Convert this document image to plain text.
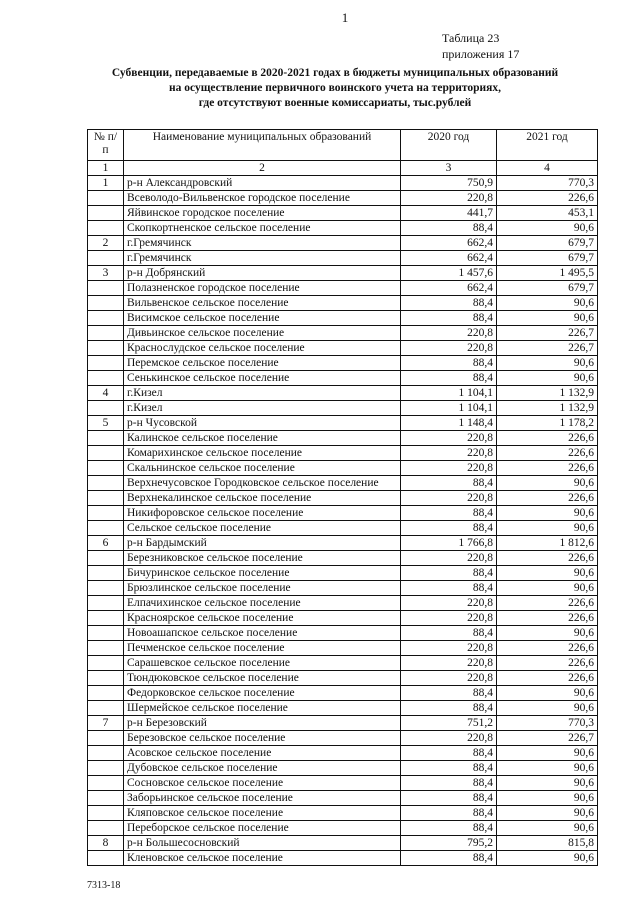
1
Таблица 23
приложения 17
Субвенции, передаваемые в 2020-2021 годах в бюджеты муниципальных образований
на осуществление первичного воинского учета на территориях,
где отсутствуют военные комиссариаты, тыс.рублей
№ п/п	Наименование муниципальных образований	2020 год	2021 год
1	2	3	4
1	р-н Александровский	750,9	770,3
	Всеволодо-Вильвенское городское поселение	220,8	226,6
	Яйвинское городское поселение	441,7	453,1
	Скопкортненское сельское поселение	88,4	90,6
2	г.Гремячинск	662,4	679,7
	г.Гремячинск	662,4	679,7
3	р-н Добрянский	1 457,6	1 495,5
	Полазненское городское поселение	662,4	679,7
	Вильвенское сельское поселение	88,4	90,6
	Висимское сельское поселение	88,4	90,6
	Дивьинское сельское поселение	220,8	226,7
	Краснослудское сельское поселение	220,8	226,7
	Перемское сельское поселение	88,4	90,6
	Сенькинское сельское поселение	88,4	90,6
4	г.Кизел	1 104,1	1 132,9
	г.Кизел	1 104,1	1 132,9
5	р-н Чусовской	1 148,4	1 178,2
	Калинское сельское поселение	220,8	226,6
	Комарихинское сельское поселение	220,8	226,6
	Скальнинское сельское поселение	220,8	226,6
	Верхнечусовское Городковское сельское поселение	88,4	90,6
	Верхнекалинское сельское поселение	220,8	226,6
	Никифоровское сельское поселение	88,4	90,6
	Сельское сельское поселение	88,4	90,6
6	р-н Бардымский	1 766,8	1 812,6
	Березниковское сельское поселение	220,8	226,6
	Бичуринское сельское поселение	88,4	90,6
	Брюзлинское сельское поселение	88,4	90,6
	Елпачихинское сельское поселение	220,8	226,6
	Красноярское сельское поселение	220,8	226,6
	Новоашапское сельское поселение	88,4	90,6
	Печменское сельское поселение	220,8	226,6
	Сарашевское сельское поселение	220,8	226,6
	Тюндюковское сельское поселение	220,8	226,6
	Федорковское сельское поселение	88,4	90,6
	Шермейское сельское поселение	88,4	90,6
7	р-н Березовский	751,2	770,3
	Березовское сельское поселение	220,8	226,7
	Асовское сельское поселение	88,4	90,6
	Дубовское сельское поселение	88,4	90,6
	Сосновское сельское поселение	88,4	90,6
	Заборьинское сельское поселение	88,4	90,6
	Кляповское сельское поселение	88,4	90,6
	Переборское сельское поселение	88,4	90,6
8	р-н Большесосновский	795,2	815,8
	Кленовское сельское поселение	88,4	90,6
7313-18
